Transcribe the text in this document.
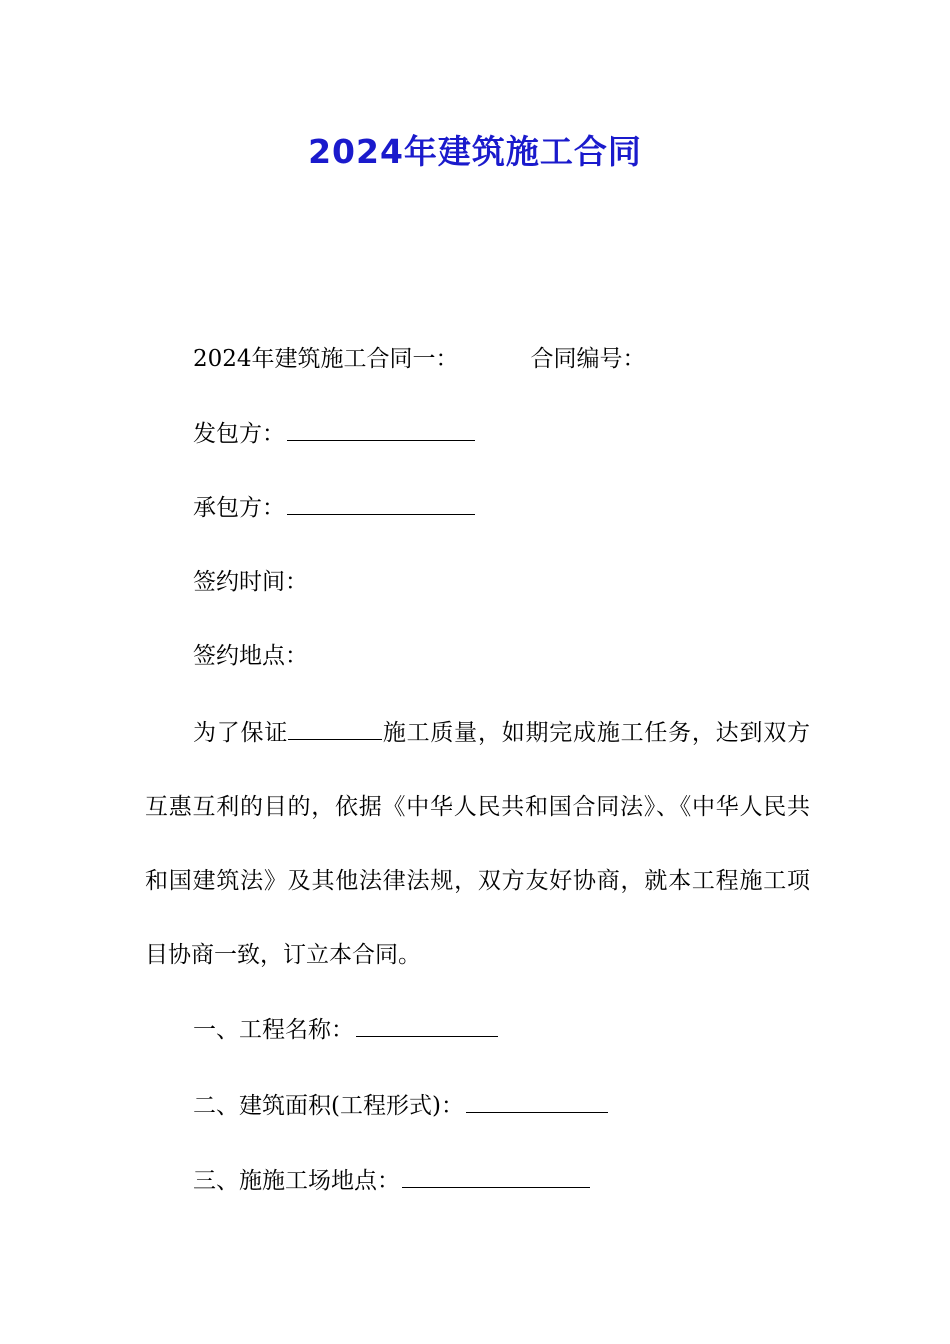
2024年建筑施工合同
2024年建筑施工合同一：	合同编号：
发包方：
承包方：
签约时间：
签约地点：
为了保证	施工质量，如期完成施工任务，达到双方互惠互利的目的，依据《中华人民共和国合同法》、《中华人民共和国建筑法》及其他法律法规，双方友好协商，就本工程施工项目协商一致，订立本合同。
一、工程名称：
二、建筑面积(工程形式)：
三、施施工场地点：
